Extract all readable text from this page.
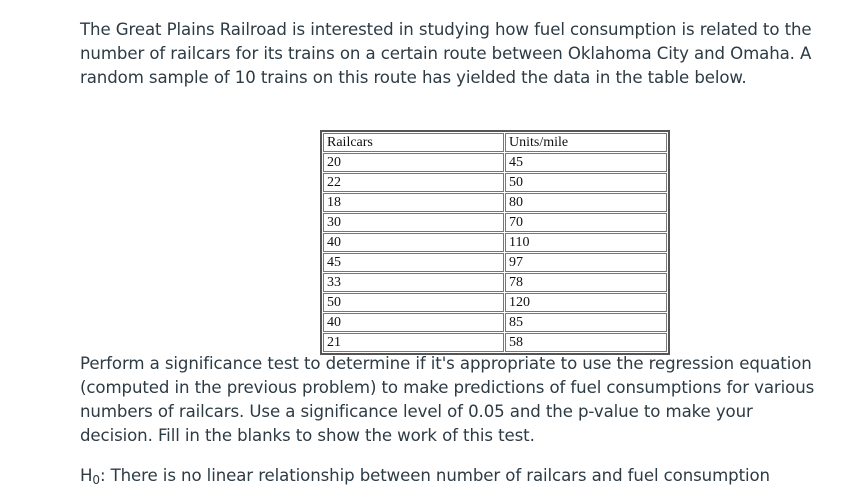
The Great Plains Railroad is interested in studying how fuel consumption is related to the number of railcars for its trains on a certain route between Oklahoma City and Omaha. A random sample of 10 trains on this route has yielded the data in the table below.

Railcars	Units/mile
20	45
22	50
18	80
30	70
40	110
45	97
33	78
50	120
40	85
21	58

Perform a significance test to determine if it's appropriate to use the regression equation (computed in the previous problem) to make predictions of fuel consumptions for various numbers of railcars. Use a significance level of 0.05 and the p-value to make your decision. Fill in the blanks to show the work of this test.

$H_0$: There is no linear relationship between number of railcars and fuel consumption
